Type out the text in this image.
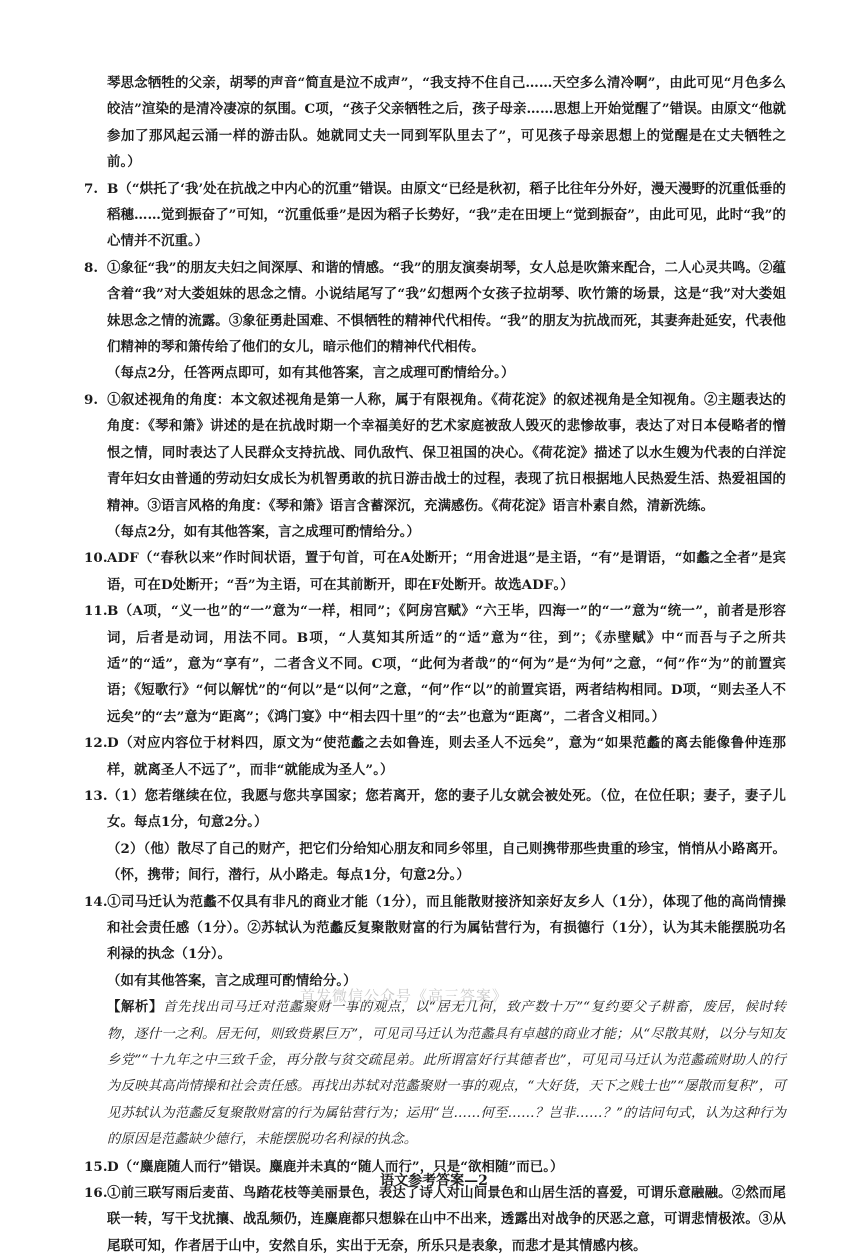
琴思念牺牲的父亲，胡琴的声音“简直是泣不成声”，“我支持不住自己……天空多么清冷啊”，由此可见“月色多么皎洁”渲染的是清冷凄凉的氛围。C项，“孩子父亲牺牲之后，孩子母亲……思想上开始觉醒了”错误。由原文“他就参加了那风起云涌一样的游击队。她就同丈夫一同到军队里去了”，可见孩子母亲思想上的觉醒是在丈夫牺牲之前。）

7. B（“烘托了‘我’处在抗战之中内心的沉重”错误。由原文“已经是秋初，稻子比往年分外好，漫天漫野的沉重低垂的稻穗……觉到振奋了”可知，“沉重低垂”是因为稻子长势好，“我”走在田埂上“觉到振奋”，由此可见，此时“我”的心情并不沉重。）

8. ①象征“我”的朋友夫妇之间深厚、和谐的情感。“我”的朋友演奏胡琴，女人总是吹箫来配合，二人心灵共鸣。②蕴含着“我”对大娄姐妹的思念之情。小说结尾写了“我”幻想两个女孩子拉胡琴、吹竹箫的场景，这是“我”对大娄姐妹思念之情的流露。③象征勇赴国难、不惧牺牲的精神代代相传。“我”的朋友为抗战而死，其妻奔赴延安，代表他们精神的琴和箫传给了他们的女儿，暗示他们的精神代代相传。

（每点2分，任答两点即可，如有其他答案，言之成理可酌情给分。）

9. ①叙述视角的角度：本文叙述视角是第一人称，属于有限视角。《荷花淀》的叙述视角是全知视角。②主题表达的角度：《琴和箫》讲述的是在抗战时期一个幸福美好的艺术家庭被敌人毁灭的悲惨故事，表达了对日本侵略者的憎恨之情，同时表达了人民群众支持抗战、同仇敌忾、保卫祖国的决心。《荷花淀》描述了以水生嫂为代表的白洋淀青年妇女由普通的劳动妇女成长为机智勇敢的抗日游击战士的过程，表现了抗日根据地人民热爱生活、热爱祖国的精神。③语言风格的角度：《琴和箫》语言含蓄深沉，充满感伤。《荷花淀》语言朴素自然，清新洗练。

（每点2分，如有其他答案，言之成理可酌情给分。）

10.ADF（“春秋以来”作时间状语，置于句首，可在A处断开；“用舍进退”是主语，“有”是谓语，“如蠡之全者”是宾语，可在D处断开；“吾”为主语，可在其前断开，即在F处断开。故选ADF。）

11.B（A项，“义一也”的“一”意为“一样，相同”；《阿房宫赋》“六王毕，四海一”的“一”意为“统一”，前者是形容词，后者是动词，用法不同。B项，“人莫知其所适”的“适”意为“往，到”；《赤壁赋》中“而吾与子之所共适”的“适”，意为“享有”，二者含义不同。C项，“此何为者哉”的“何为”是“为何”之意，“何”作“为”的前置宾语；《短歌行》“何以解忧”的“何以”是“以何”之意，“何”作“以”的前置宾语，两者结构相同。D项，“则去圣人不远矣”的“去”意为“距离”；《鸿门宴》中“相去四十里”的“去”也意为“距离”，二者含义相同。）

12.D（对应内容位于材料四，原文为“使范蠡之去如鲁连，则去圣人不远矣”，意为“如果范蠡的离去能像鲁仲连那样，就离圣人不远了”，而非“就能成为圣人”。）

13.（1）您若继续在位，我愿与您共享国家；您若离开，您的妻子儿女就会被处死。（位，在位任职；妻子，妻子儿女。每点1分，句意2分。）

（2）（他）散尽了自己的财产，把它们分给知心朋友和同乡邻里，自己则携带那些贵重的珍宝，悄悄从小路离开。（怀，携带；间行，潜行，从小路走。每点1分，句意2分。）

14.①司马迁认为范蠡不仅具有非凡的商业才能（1分），而且能散财接济知亲好友乡人（1分），体现了他的高尚情操和社会责任感（1分）。②苏轼认为范蠡反复聚散财富的行为属钻营行为，有损德行（1分），认为其未能摆脱功名利禄的执念（1分）。

（如有其他答案，言之成理可酌情给分。）

【解析】首先找出司马迁对范蠡聚财一事的观点，以“居无几何，致产数十万”“复约要父子耕畜，废居，候时转物，逐什一之利。居无何，则致赀累巨万”，可见司马迁认为范蠡具有卓越的商业才能；从“尽散其财，以分与知友乡党”“十九年之中三致千金，再分散与贫交疏昆弟。此所谓富好行其德者也”，可见司马迁认为范蠡疏财助人的行为反映其高尚情操和社会责任感。再找出苏轼对范蠡聚财一事的观点，“大好货，天下之贱士也”“屡散而复积”，可见苏轼认为范蠡反复聚散财富的行为属钻营行为；运用“岂……何至……？岂非……？”的诘问句式，认为这种行为的原因是范蠡缺少德行，未能摆脱功名利禄的执念。

15.D（“麋鹿随人而行”错误。麋鹿并未真的“随人而行”，只是“欲相随”而已。）

16.①前三联写雨后麦苗、鸟踏花枝等美丽景色，表达了诗人对山间景色和山居生活的喜爱，可谓乐意融融。②然而尾联一转，写干戈扰攘、战乱频仍，连麋鹿都只想躲在山中不出来，透露出对战争的厌恶之意，可谓悲情极浓。③从尾联可知，作者居于山中，安然自乐，实出于无奈，所乐只是表象，而悲才是其情感内核。

首发微信公众号《高三答案》
语文参考答案—2
